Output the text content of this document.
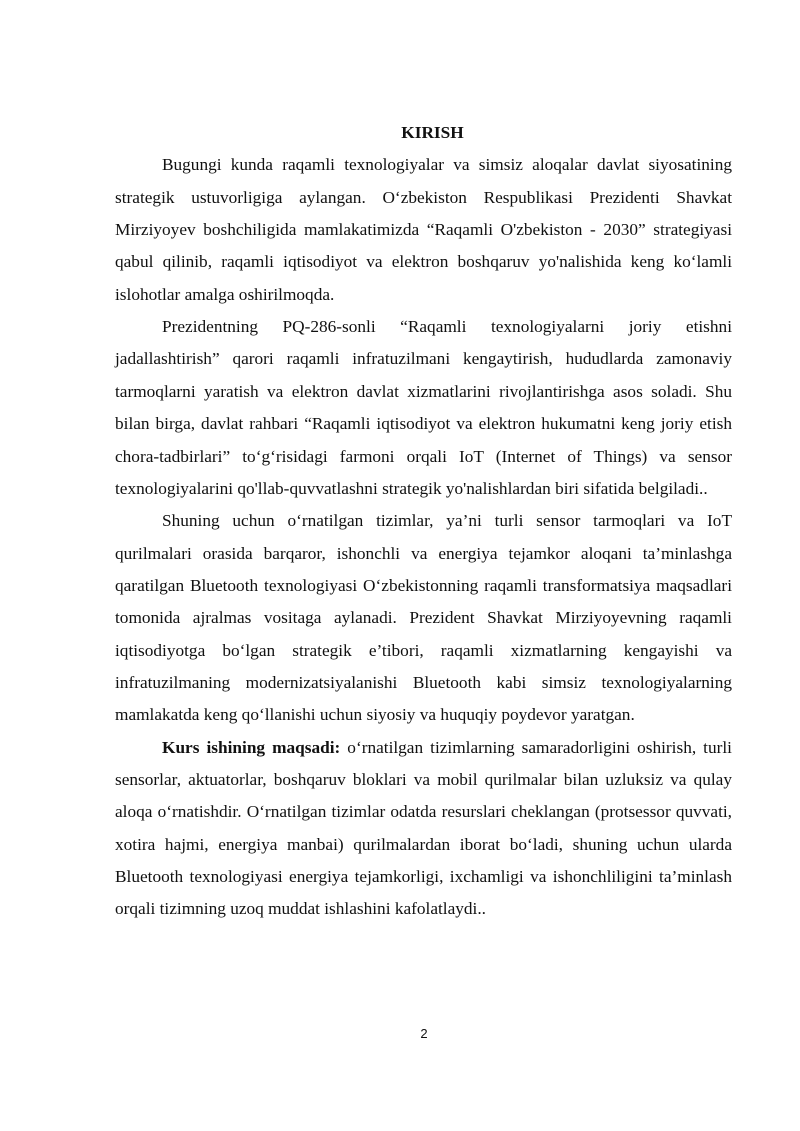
KIRISH

Bugungi kunda raqamli texnologiyalar va simsiz aloqalar davlat siyosatining strategik ustuvorligiga aylangan. O‘zbekiston Respublikasi Prezidenti Shavkat Mirziyoyev boshchiligida mamlakatimizda “Raqamli O'zbekiston - 2030” strategiyasi qabul qilinib, raqamli iqtisodiyot va elektron boshqaruv yo'nalishida keng ko‘lamli islohotlar amalga oshirilmoqda.

Prezidentning PQ-286-sonli “Raqamli texnologiyalarni joriy etishni jadallashtirish” qarori raqamli infratuzilmani kengaytirish, hududlarda zamonaviy tarmoqlarni yaratish va elektron davlat xizmatlarini rivojlantirishga asos soladi. Shu bilan birga, davlat rahbari “Raqamli iqtisodiyot va elektron hukumatni keng joriy etish chora-tadbirlari” to‘g‘risidagi farmoni orqali IoT (Internet of Things) va sensor texnologiyalarini qo'llab-quvvatlashni strategik yo'nalishlardan biri sifatida belgiladi..

Shuning uchun o‘rnatilgan tizimlar, ya’ni turli sensor tarmoqlari va IoT qurilmalari orasida barqaror, ishonchli va energiya tejamkor aloqani ta’minlashga qaratilgan Bluetooth texnologiyasi O‘zbekistonning raqamli transformatsiya maqsadlari tomonida ajralmas vositaga aylanadi. Prezident Shavkat Mirziyoyevning raqamli iqtisodiyotga bo‘lgan strategik e’tibori, raqamli xizmatlarning kengayishi va infratuzilmaning modernizatsiyalanishi Bluetooth kabi simsiz texnologiyalarning mamlakatda keng qo‘llanishi uchun siyosiy va huquqiy poydevor yaratgan.

Kurs ishining maqsadi: o‘rnatilgan tizimlarning samaradorligini oshirish, turli sensorlar, aktuatorlar, boshqaruv bloklari va mobil qurilmalar bilan uzluksiz va qulay aloqa o‘rnatishdir. O‘rnatilgan tizimlar odatda resurslari cheklangan (protsessor quvvati, xotira hajmi, energiya manbai) qurilmalardan iborat bo‘ladi, shuning uchun ularda Bluetooth texnologiyasi energiya tejamkorligi, ixchamligi va ishonchliligini ta’minlash orqali tizimning uzoq muddat ishlashini kafolatlaydi..

2
